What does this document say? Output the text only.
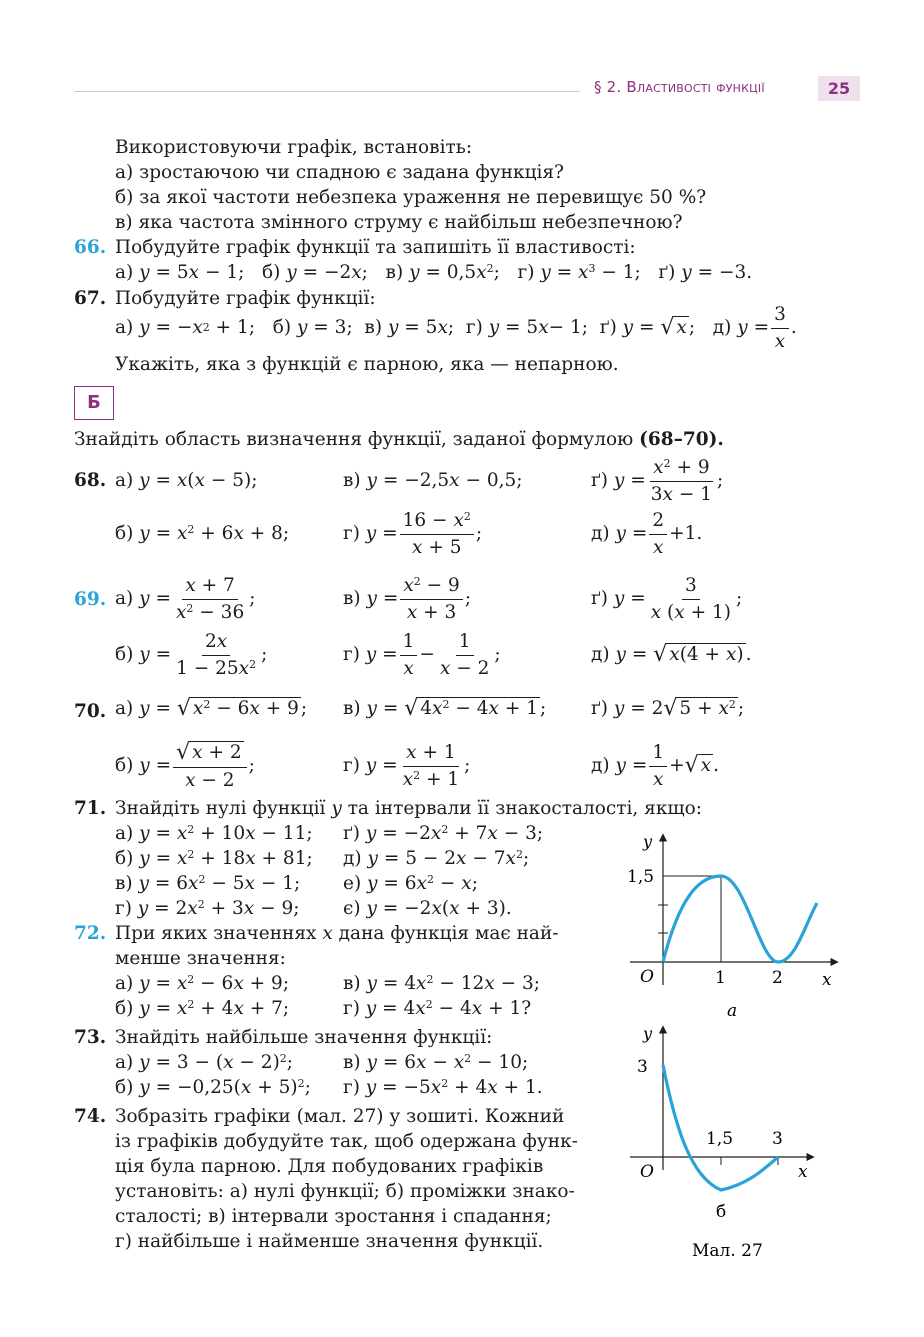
§ 2. Властивості функції	25
Використовуючи графік, встановіть:
а) зростаючою чи спадною є задана функція?
б) за якої частоти небезпека ураження не перевищує 50 %?
в) яка частота змінного струму є найбільш небезпечною?
66. Побудуйте графік функції та запишіть її властивості:
а) y = 5x − 1;   б) y = −2x;   в) $y = 0,5x^2$;   г) $y = x^3 - 1$;   ґ) y = −3.
67. Побудуйте графік функції:
а) y = − x 2 + 1;   б) y = 3;  в) y = 5 x ;  г) y = 5 x − 1;  ґ) y = √ x ;   д) $y = \frac{3}{x}$ .
Укажіть, яка з функцій є парною, яка — непарною.
Б
Знайдіть область визначення функції, заданої формулою (68–70).
68. а) y = x(x − 5);	в) y = −2,5x − 0,5;	ґ) $y = \frac{x^2 + 9}{3x - 1}$ ;
б) $y = x^2 + 6x + 8$;	г) $y = \frac{16 - x^2}{x + 5}$ ;	д) $y = \frac{2}{x} +1$.
69. а) $y = \frac{x + 7}{x^2 - 36}$ ;	в) $y = \frac{x^2 - 9}{x + 3}$ ;	ґ) $y = \frac{3}{x (x + 1)}$ ;
б) $y = \frac{2x}{1 - 25x^2}$ ;	г) $y = \frac{1}{x} - \frac{1}{x - 2}$ ;	д) y = √ x(4 + x) .
70. а) y = √ $x^2 - 6x + 9$ ; в) y = √ $4x^2 - 4x + 1$ ; ґ) y = 2 √ $5 + x^2$ ;
б) $y = \frac{√ x + 2}{x - 2}$ ;	г) $y = \frac{x + 1}{x^2 + 1}$ ;	д) $y = \frac{1}{x}$ + √ x .
71. Знайдіть нулі функції y та інтервали її знакосталості, якщо:
а) $y = x^2 + 10x - 11$; ґ) $y = -2x^2 + 7x - 3$;
б) $y = x^2 + 18x + 81$; д) $y = 5 - 2x - 7x^2$;
в) $y = 6x^2 - 5x - 1$; е) $y = 6x^2 - x$;
г) $y = 2x^2 + 3x - 9$; є) y = −2x(x + 3).
72. При яких значеннях x дана функція має най-
менше значення:
а) $y = x^2 - 6x + 9$;	в) $y = 4x^2 - 12x - 3$;
б) $y = x^2 + 4x + 7$;	г) $y = 4x^2 - 4x + 1$?
73. Знайдіть найбільше значення функції:
а) $y = 3 - (x - 2)^2$;	в) $y = 6x - x^2 - 10$;
б) $y = -0,25(x + 5)^2$; г) $y = -5x^2 + 4x + 1$.
74. Зобразіть графіки (мал. 27) у зошиті. Кожний
із графіків добудуйте так, щоб одержана функ-
ція була парною. Для побудованих графіків
установіть: а) нулі функції; б) проміжки знако-
сталості; в) інтервали зростання і спадання;
г) найбільше і найменше значення функції.
y
x
O
1,5
1	2
а
y
x
O
3
1,5 3
б
Мал. 27
